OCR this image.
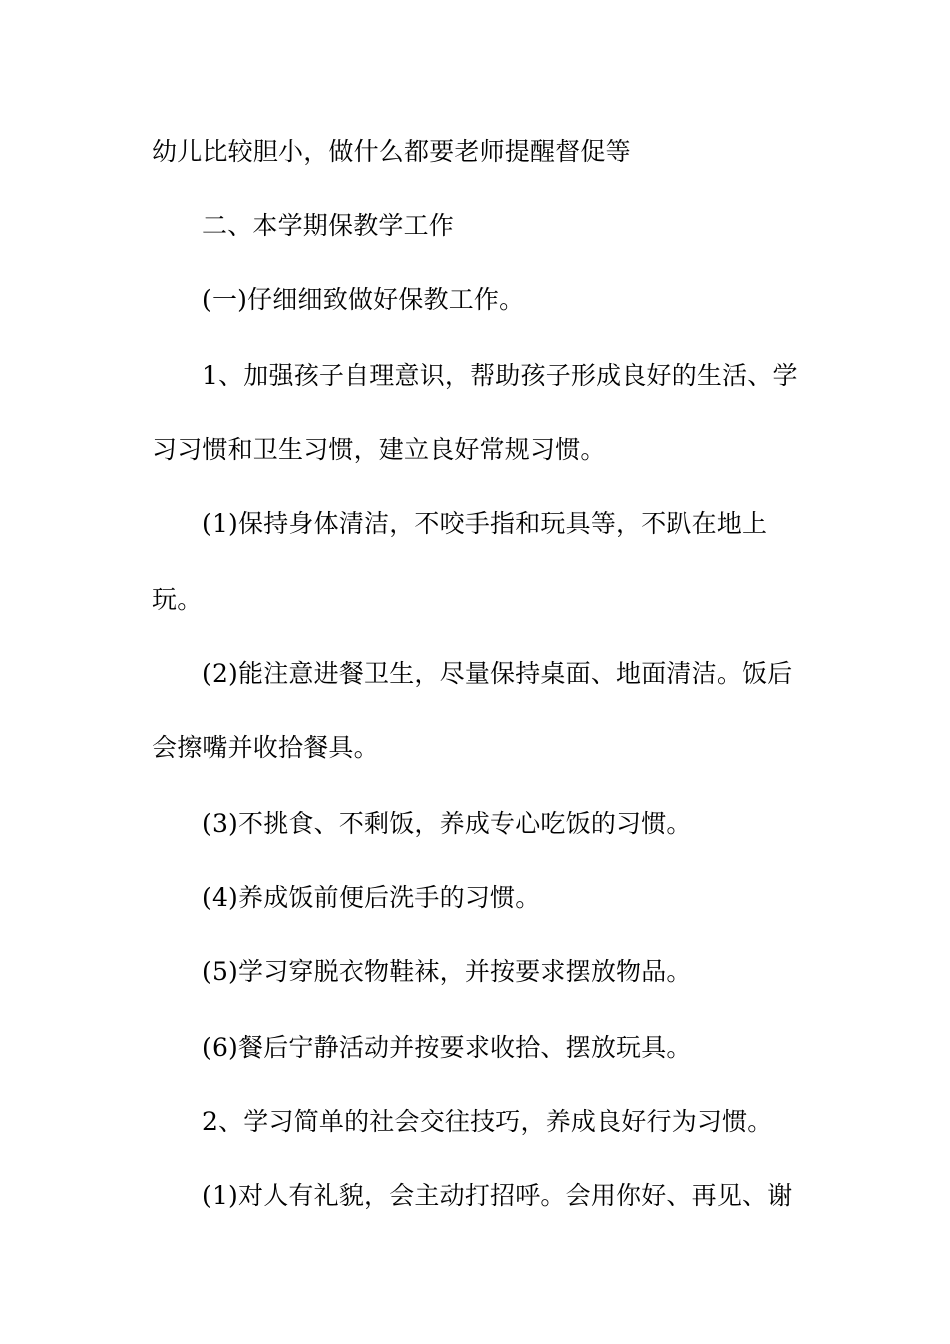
幼儿比较胆小，做什么都要老师提醒督促等

二、本学期保教学工作

(一)仔细细致做好保教工作。

1、加强孩子自理意识，帮助孩子形成良好的生活、学

习习惯和卫生习惯，建立良好常规习惯。

(1)保持身体清洁，不咬手指和玩具等，不趴在地上

玩。

(2)能注意进餐卫生，尽量保持桌面、地面清洁。饭后

会擦嘴并收拾餐具。

(3)不挑食、不剩饭，养成专心吃饭的习惯。

(4)养成饭前便后洗手的习惯。

(5)学习穿脱衣物鞋袜，并按要求摆放物品。

(6)餐后宁静活动并按要求收拾、摆放玩具。

2、学习简单的社会交往技巧，养成良好行为习惯。

(1)对人有礼貌，会主动打招呼。会用你好、再见、谢
